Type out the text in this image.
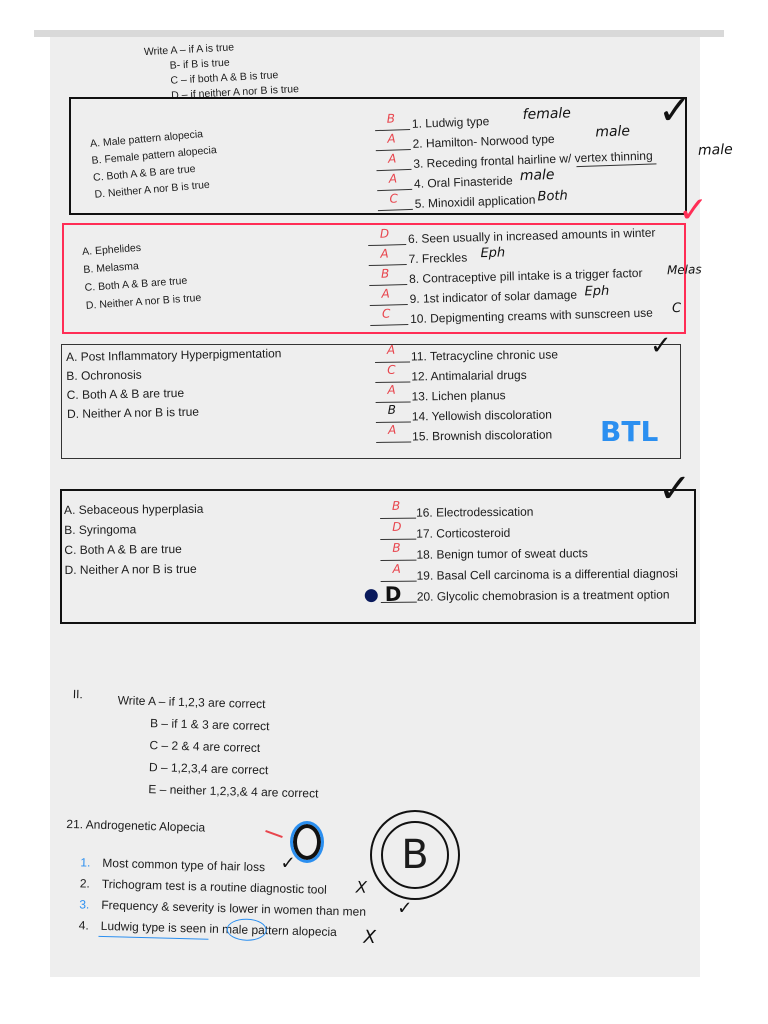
Write A – if A is true
B- if B is true
C – if both A & B is true
D – if neither A nor B is true
A. Male pattern alopecia
B. Female pattern alopecia
C. Both A & B are true
D. Neither A nor B is true
B 1. Ludwig type female
A 2. Hamilton- Norwood type
male
A 3. Receding frontal hairline w/ vertex thinning	male
A 4. Oral Finasteride male
C 5. Minoxidil application Both
✓
✓
A. Ephelides
B. Melasma
C. Both A & B are true
D. Neither A nor B is true
D 6. Seen usually in increased amounts in winter
A 7. Freckles Eph
B 8. Contraceptive pill intake is a trigger factor Melas
A 9. 1st indicator of solar damage Eph
C 10. Depigmenting creams with sunscreen use C
✓
A. Post Inflammatory Hyperpigmentation
B. Ochronosis
C. Both A & B are true
D. Neither A nor B is true
A 11. Tetracycline chronic use
C 12. Antimalarial drugs
A 13. Lichen planus
B 14. Yellowish discoloration
A 15. Brownish discoloration BTL
✓
A. Sebaceous hyperplasia
B. Syringoma
C. Both A & B are true
D. Neither A nor B is true
B 16. Electrodessication
D 17. Corticosteroid
B 18. Benign tumor of sweat ducts
A 19. Basal Cell carcinoma is a differential diagnosi
D 20. Glycolic chemobrasion is a treatment option
II.	Write A – if 1,2,3 are correct
B – if 1 & 3 are correct
C – 2 & 4 are correct
D – 1,2,3,4 are correct
E – neither 1,2,3,& 4 are correct
21. Androgenetic Alopecia
1. Most common type of hair loss ✓
2. Trichogram test is a routine diagnostic tool X
3. Frequency & severity is lower in women than men ✓
4. Ludwig type is seen in male pattern alopecia X
B
